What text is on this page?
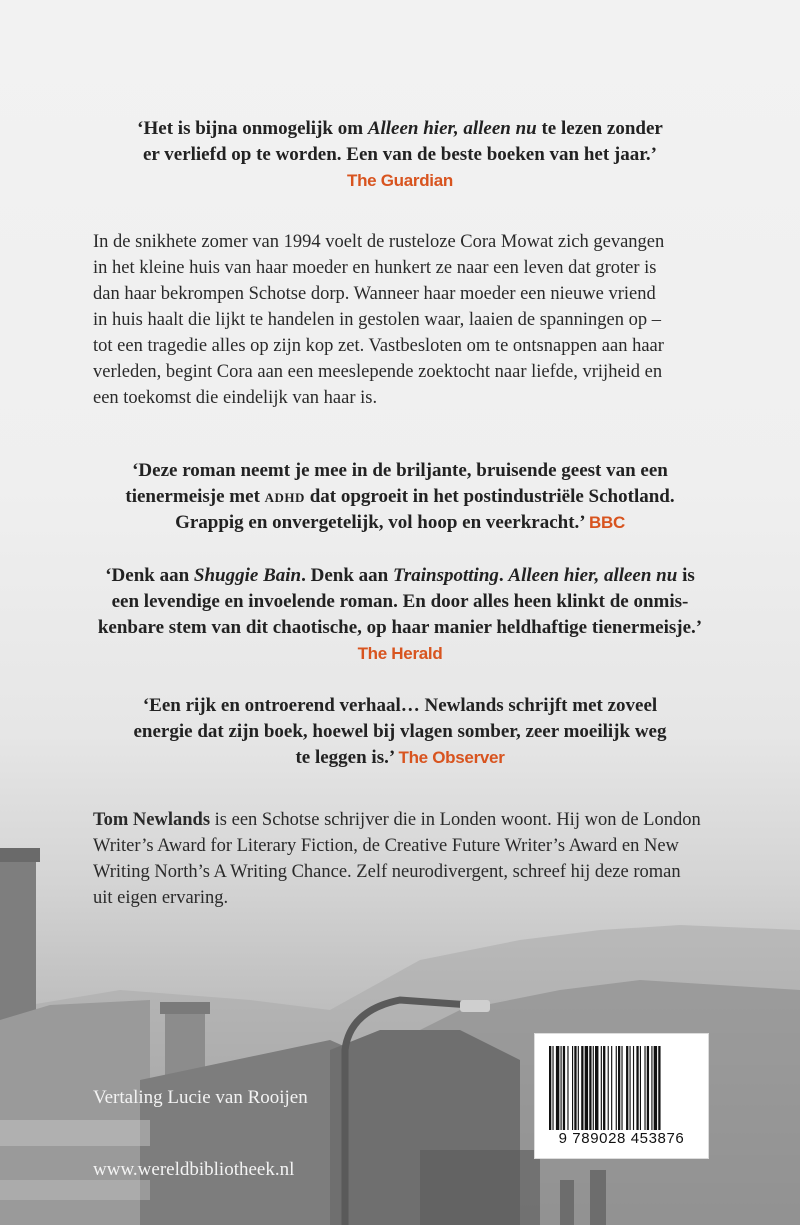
‘Het is bijna onmogelijk om Alleen hier, alleen nu te lezen zonder
er verliefd op te worden. Een van de beste boeken van het jaar.’

The Guardian
In de snikhete zomer van 1994 voelt de rusteloze Cora Mowat zich gevangen
in het kleine huis van haar moeder en hunkert ze naar een leven dat groter is
dan haar bekrompen Schotse dorp. Wanneer haar moeder een nieuwe vriend
in huis haalt die lijkt te handelen in gestolen waar, laaien de spanningen op –
tot een tragedie alles op zijn kop zet. Vastbesloten om te ontsnappen aan haar
verleden, begint Cora aan een meeslepende zoektocht naar liefde, vrijheid en
een toekomst die eindelijk van haar is.
‘Deze roman neemt je mee in de briljante, bruisende geest van een
tienermeisje met adhd dat opgroeit in het postindustriële Schotland.
Grappig en onvergetelijk, vol hoop en veerkracht.’ BBC
‘Denk aan Shuggie Bain. Denk aan Trainspotting. Alleen hier, alleen nu is
een levendige en invoelende roman. En door alles heen klinkt de onmis-
kenbare stem van dit chaotische, op haar manier heldhaftige tienermeisje.’

The Herald
‘Een rijk en ontroerend verhaal… Newlands schrijft met zoveel
energie dat zijn boek, hoewel bij vlagen somber, zeer moeilijk weg
te leggen is.’ The Observer
Tom Newlands is een Schotse schrijver die in Londen woont. Hij won de London
Writer’s Award for Literary Fiction, de Creative Future Writer’s Award en New
Writing North’s A Writing Chance. Zelf neurodivergent, schreef hij deze roman
uit eigen ervaring.
Vertaling Lucie van Rooijen
www.wereldbibliotheek.nl
9 789028 453876
